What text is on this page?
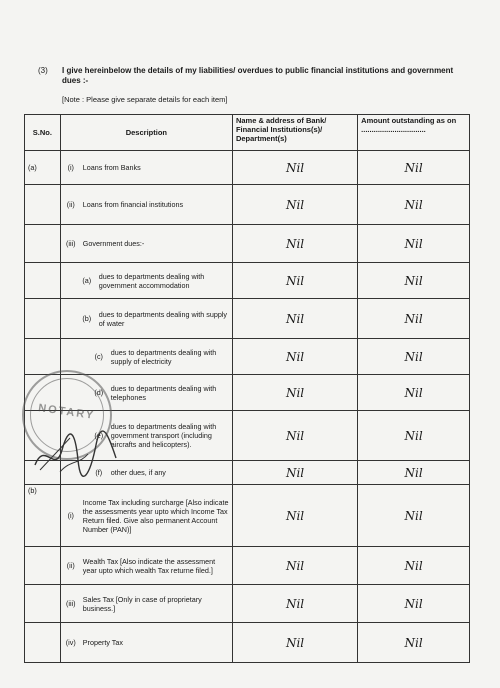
(3) I give hereinbelow the details of my liabilities/ overdues to public financial institutions and government dues :-
[Note : Please give separate details for each item]
S.No.	Description	Name & address of Bank/ Financial Institutions(s)/ Department(s)	Amount outstanding as on ...............................
(a)	(i) Loans from Banks	Nil	Nil

	(ii) Loans from financial institutions	Nil	Nil

	(iii) Government dues:-	Nil	Nil

	(a) dues to departments dealing with government accommodation	Nil	Nil

	(b) dues to departments dealing with supply of water	Nil	Nil

	(c) dues to departments dealing with supply of electricity	Nil	Nil

	(d) dues to departments dealing with telephones	Nil	Nil

	(e)
dues to departments dealing with government transport (including aircrafts and helicopters).	Nil	Nil

	(f) other dues, if any	Nil	Nil
(b)	(i)
Income Tax including surcharge [Also indicate the assessments year upto which Income Tax Return filed. Give also permanent Account Number (PAN)]	Nil	Nil

	(ii) Wealth Tax [Also indicate the assessment year upto which wealth Tax returne filed.]	Nil	Nil

	(iii) Sales Tax [Only in case of proprietary business.]	Nil	Nil

	(iv) Property Tax	Nil	Nil
NOTARY
